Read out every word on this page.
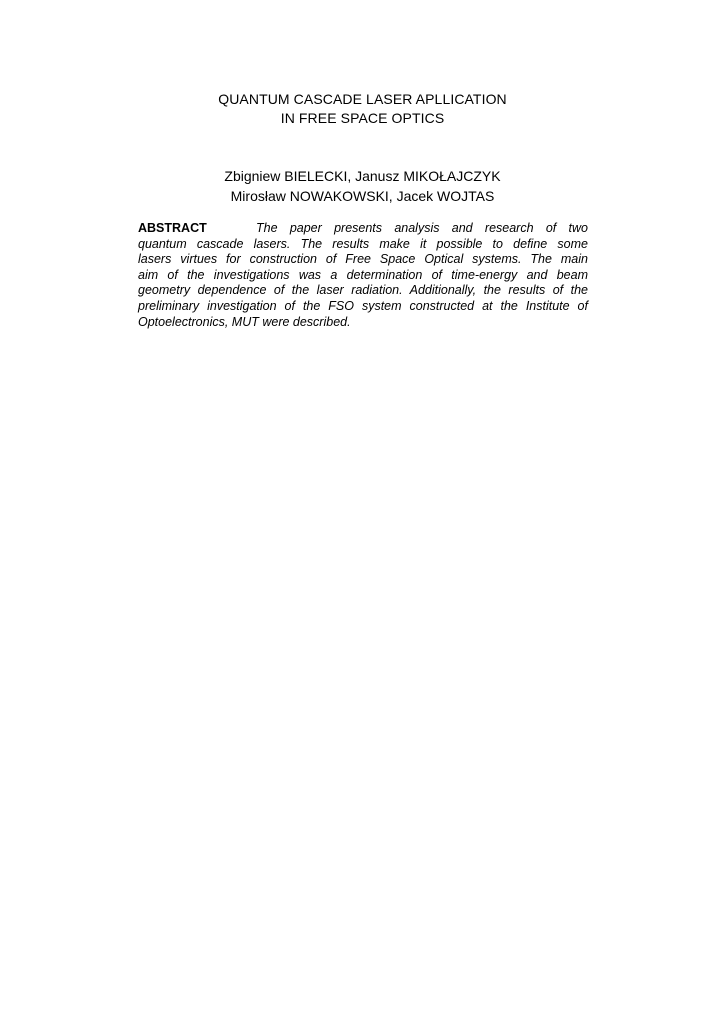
QUANTUM CASCADE LASER APLLICATION
IN FREE SPACE OPTICS
Zbigniew BIELECKI, Janusz MIKOŁAJCZYK
Mirosław NOWAKOWSKI, Jacek WOJTAS
ABSTRACT	The paper presents analysis and research of two
quantum cascade lasers. The results make it possible to define some
lasers virtues for construction of Free Space Optical systems. The main
aim of the investigations was a determination of time-energy and beam
geometry dependence of the laser radiation. Additionally, the results of the
preliminary investigation of the FSO system constructed at the Institute of
Optoelectronics, MUT were described.
